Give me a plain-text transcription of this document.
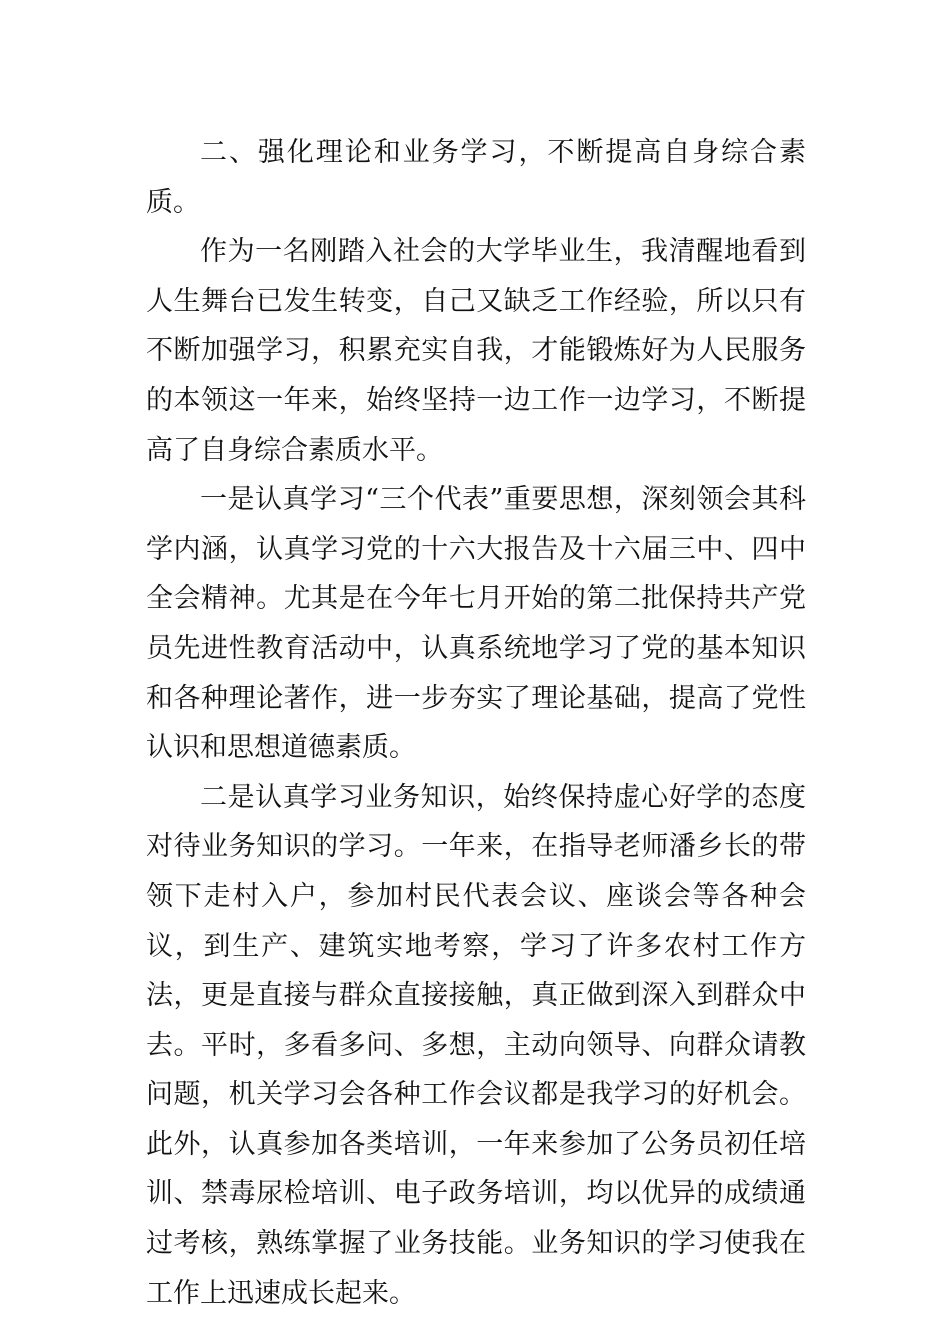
二、强化理论和业务学习，不断提高自身综合素质。

作为一名刚踏入社会的大学毕业生，我清醒地看到人生舞台已发生转变，自己又缺乏工作经验，所以只有不断加强学习，积累充实自我，才能锻炼好为人民服务的本领这一年来，始终坚持一边工作一边学习，不断提高了自身综合素质水平。

一是认真学习“三个代表”重要思想，深刻领会其科学内涵，认真学习党的十六大报告及十六届三中、四中全会精神。尤其是在今年七月开始的第二批保持共产党员先进性教育活动中，认真系统地学习了党的基本知识和各种理论著作，进一步夯实了理论基础，提高了党性认识和思想道德素质。

二是认真学习业务知识，始终保持虚心好学的态度对待业务知识的学习。一年来，在指导老师潘乡长的带领下走村入户，参加村民代表会议、座谈会等各种会议，到生产、建筑实地考察，学习了许多农村工作方法，更是直接与群众直接接触，真正做到深入到群众中去。平时，多看多问、多想，主动向领导、向群众请教问题，机关学习会各种工作会议都是我学习的好机会。此外，认真参加各类培训，一年来参加了公务员初任培训、禁毒尿检培训、电子政务培训，均以优异的成绩通过考核，熟练掌握了业务技能。业务知识的学习使我在工作上迅速成长起来。
